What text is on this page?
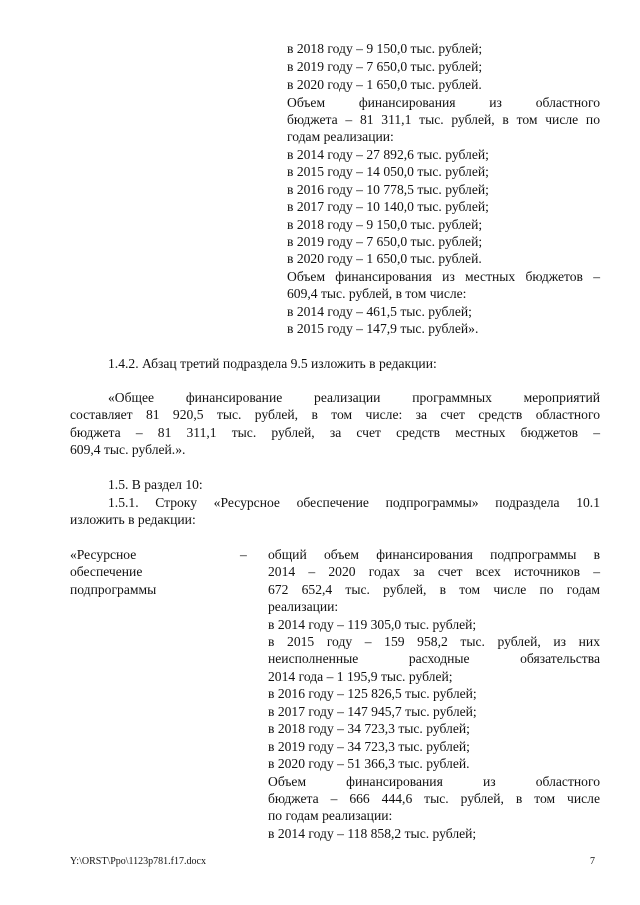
в 2018 году – 9 150,0 тыс. рублей;
в 2019 году – 7 650,0 тыс. рублей;
в 2020 году – 1 650,0 тыс. рублей.
Объем финансирования из областного
бюджета – 81 311,1 тыс. рублей, в том числе по
годам реализации:
в 2014 году – 27 892,6 тыс. рублей;
в 2015 году – 14 050,0 тыс. рублей;
в 2016 году – 10 778,5 тыс. рублей;
в 2017 году – 10 140,0 тыс. рублей;
в 2018 году – 9 150,0 тыс. рублей;
в 2019 году – 7 650,0 тыс. рублей;
в 2020 году – 1 650,0 тыс. рублей.
Объем финансирования из местных бюджетов –
609,4 тыс. рублей, в том числе:
в 2014 году – 461,5 тыс. рублей;
в 2015 году – 147,9 тыс. рублей».
1.4.2. Абзац третий подраздела 9.5 изложить в редакции:
«Общее финансирование реализации программных мероприятий
составляет 81 920,5 тыс. рублей, в том числе: за счет средств областного
бюджета – 81 311,1 тыс. рублей, за счет средств местных бюджетов –
609,4 тыс. рублей.».
1.5. В раздел 10:
1.5.1. Строку «Ресурсное обеспечение подпрограммы» подраздела 10.1
изложить в редакции:
«Ресурсное
обеспечение
подпрограммы
– общий объем финансирования подпрограммы в
2014 – 2020 годах за счет всех источников –
672 652,4 тыс. рублей, в том числе по годам
реализации:
в 2014 году – 119 305,0 тыс. рублей;
в 2015 году – 159 958,2 тыс. рублей, из них
неисполненные расходные обязательства
2014 года – 1 195,9 тыс. рублей;
в 2016 году – 125 826,5 тыс. рублей;
в 2017 году – 147 945,7 тыс. рублей;
в 2018 году – 34 723,3 тыс. рублей;
в 2019 году – 34 723,3 тыс. рублей;
в 2020 году – 51 366,3 тыс. рублей.
Объем финансирования из областного
бюджета – 666 444,6 тыс. рублей, в том числе
по годам реализации:
в 2014 году – 118 858,2 тыс. рублей;
Y:\ORST\Ppo\1123p781.f17.docx	7
